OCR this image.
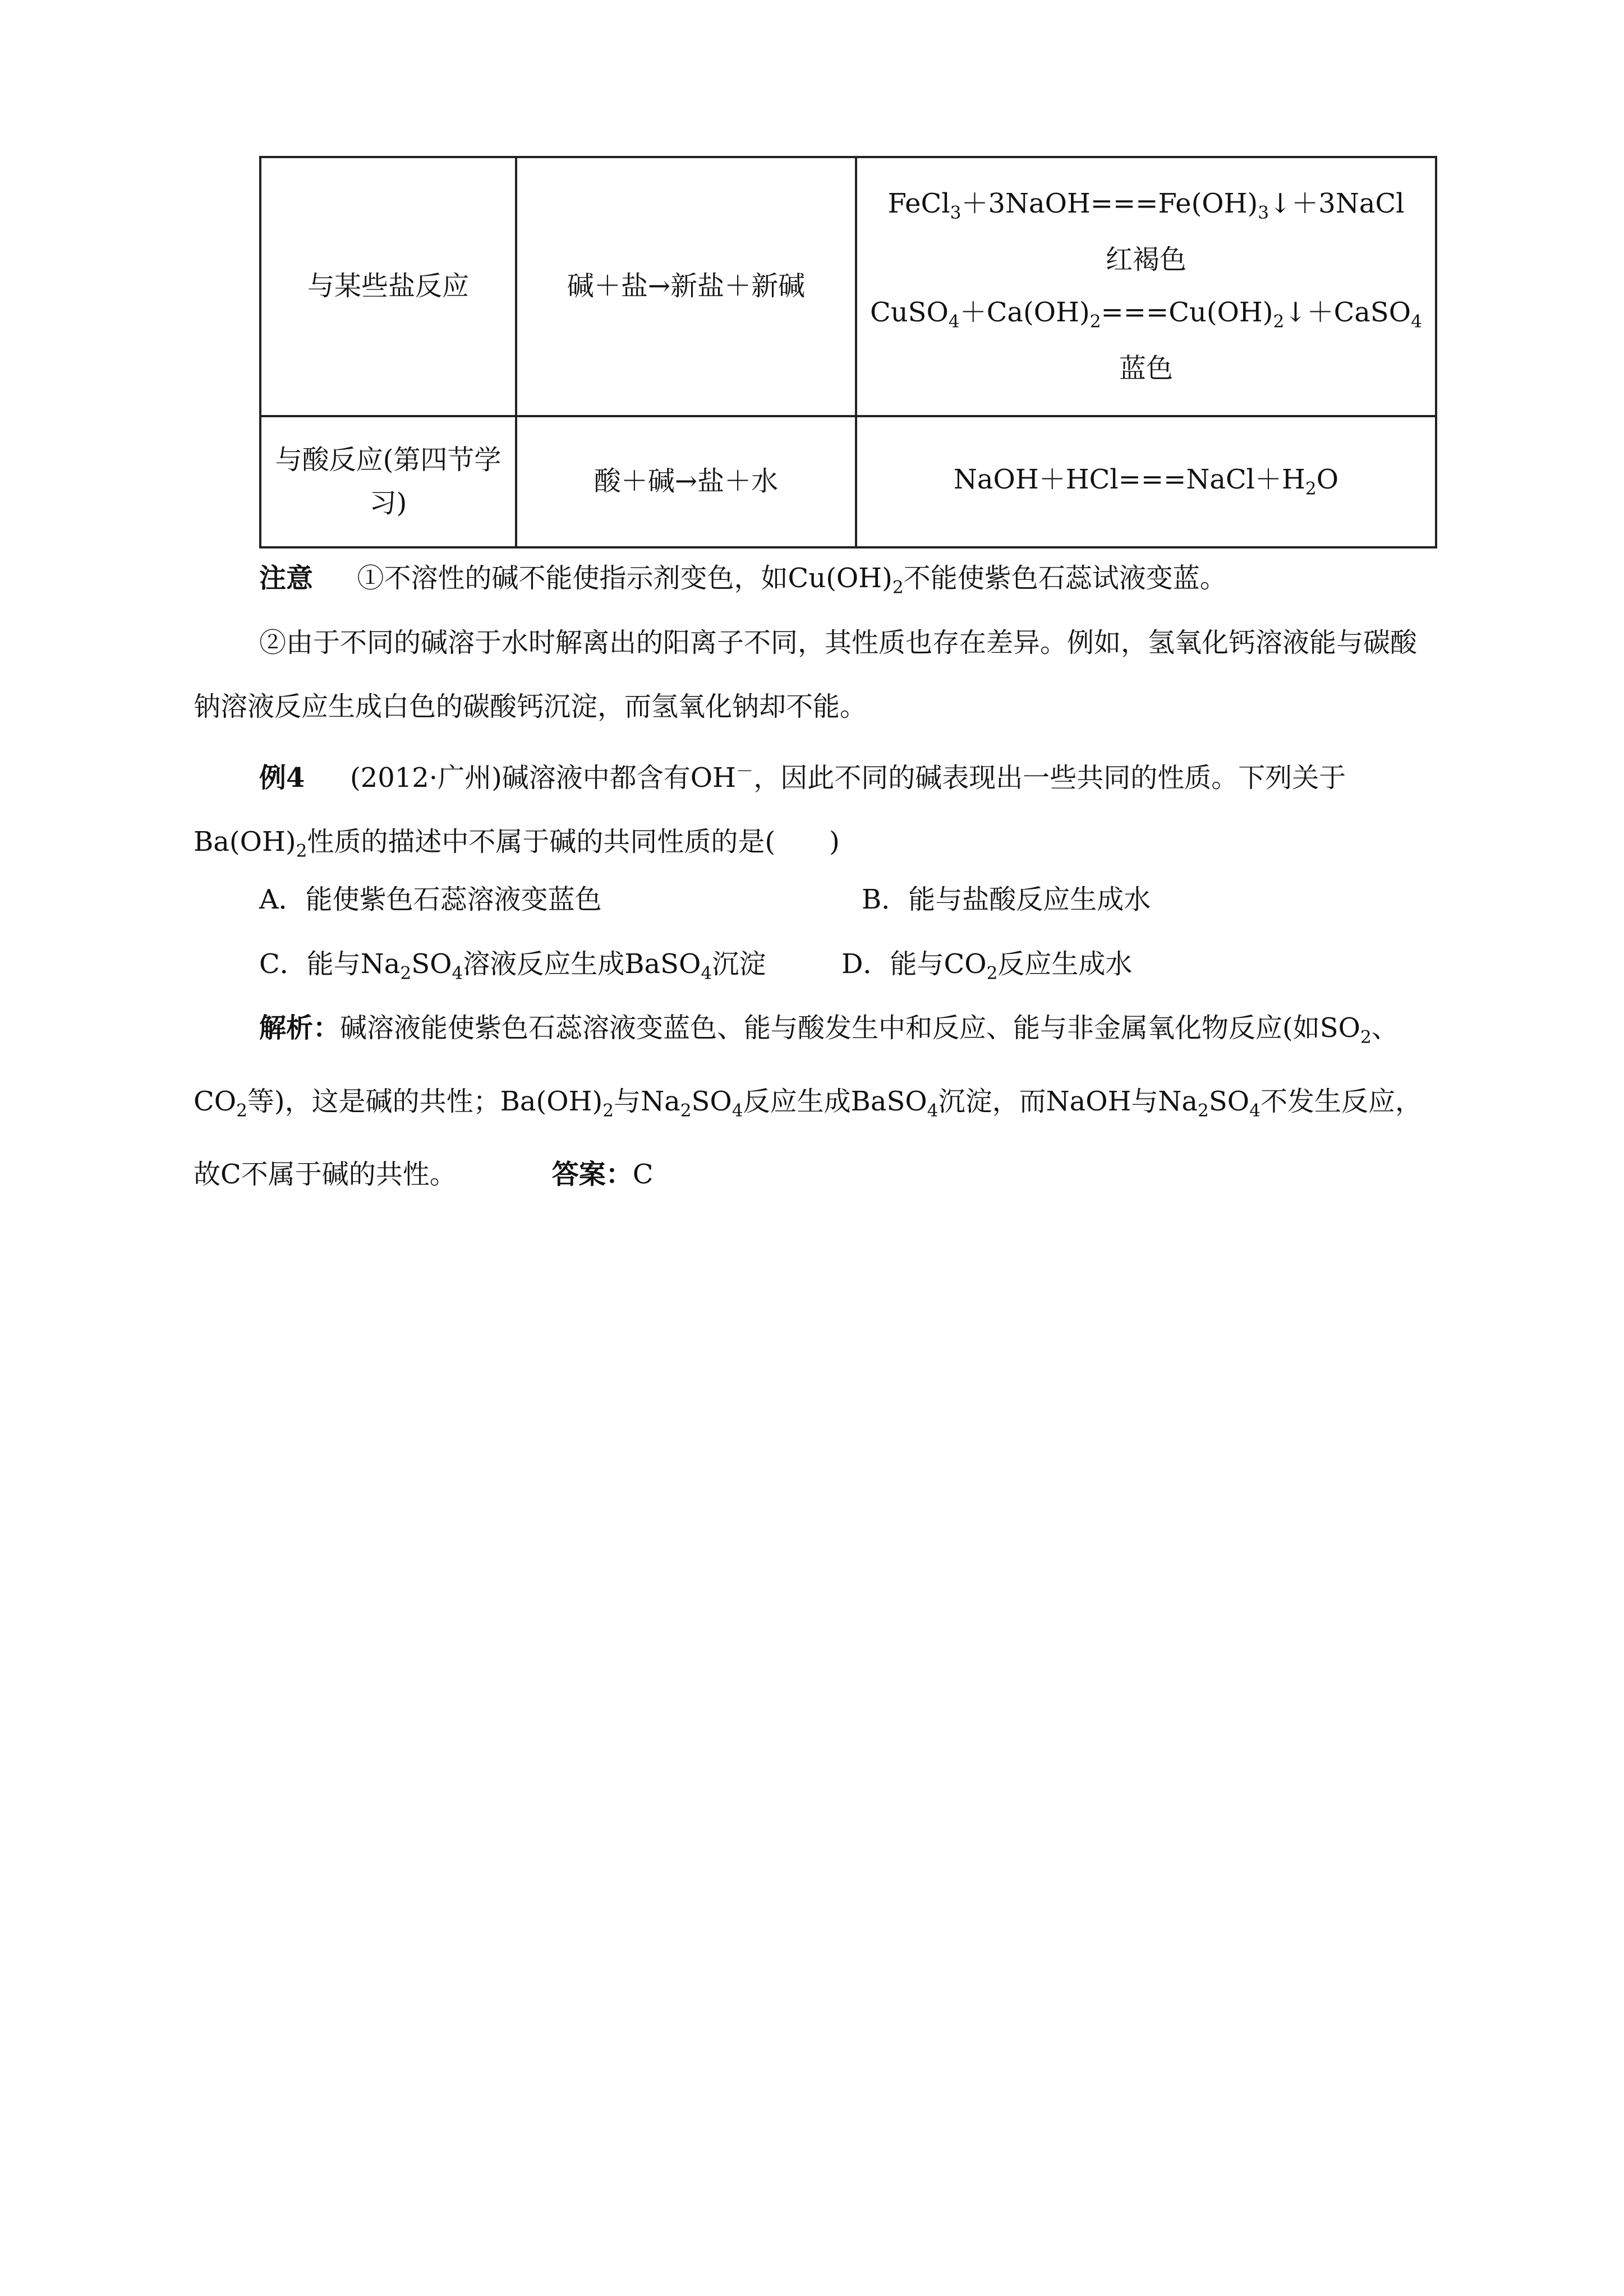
与某些盐反应	碱＋盐→新盐＋新碱	$FeCl_3+3NaOH===Fe(OH)_3↓+3NaCl$
红褐色
$CuSO_4+Ca(OH)_2===Cu(OH)_2↓+CaSO_4$
蓝色

与酸反应(第四节学习)	酸＋碱→盐＋水	$NaOH+HCl===NaCl+H_2O$
注意 ①不溶性的碱不能使指示剂变色，如$Cu(OH)_2$不能使紫色石蕊试液变蓝。
②由于不同的碱溶于水时解离出的阳离子不同，其性质也存在差异。例如，氢氧化钙溶液能与碳酸钠溶液反应生成白色的碳酸钙沉淀，而氢氧化钠却不能。
例4 (2012·广州)碱溶液中都含有OH－，因此不同的碱表现出一些共同的性质。下列关于$Ba(OH)_2$性质的描述中不属于碱的共同性质的是(　　)
A．能使紫色石蕊溶液变蓝色	B．能与盐酸反应生成水
C．能与$Na_2SO_4$溶液反应生成BaSO$_4$沉淀	D．能与$CO_2$反应生成水
解析：碱溶液能使紫色石蕊溶液变蓝色、能与酸发生中和反应、能与非金属氧化物反应(如$SO_2$、$CO_2$等)，这是碱的共性；$Ba(OH)_2$与$Na_2SO_4$反应生成BaSO$_4$沉淀，而NaOH与$Na_2SO_4$不发生反应，故C不属于碱的共性。	答案：C
